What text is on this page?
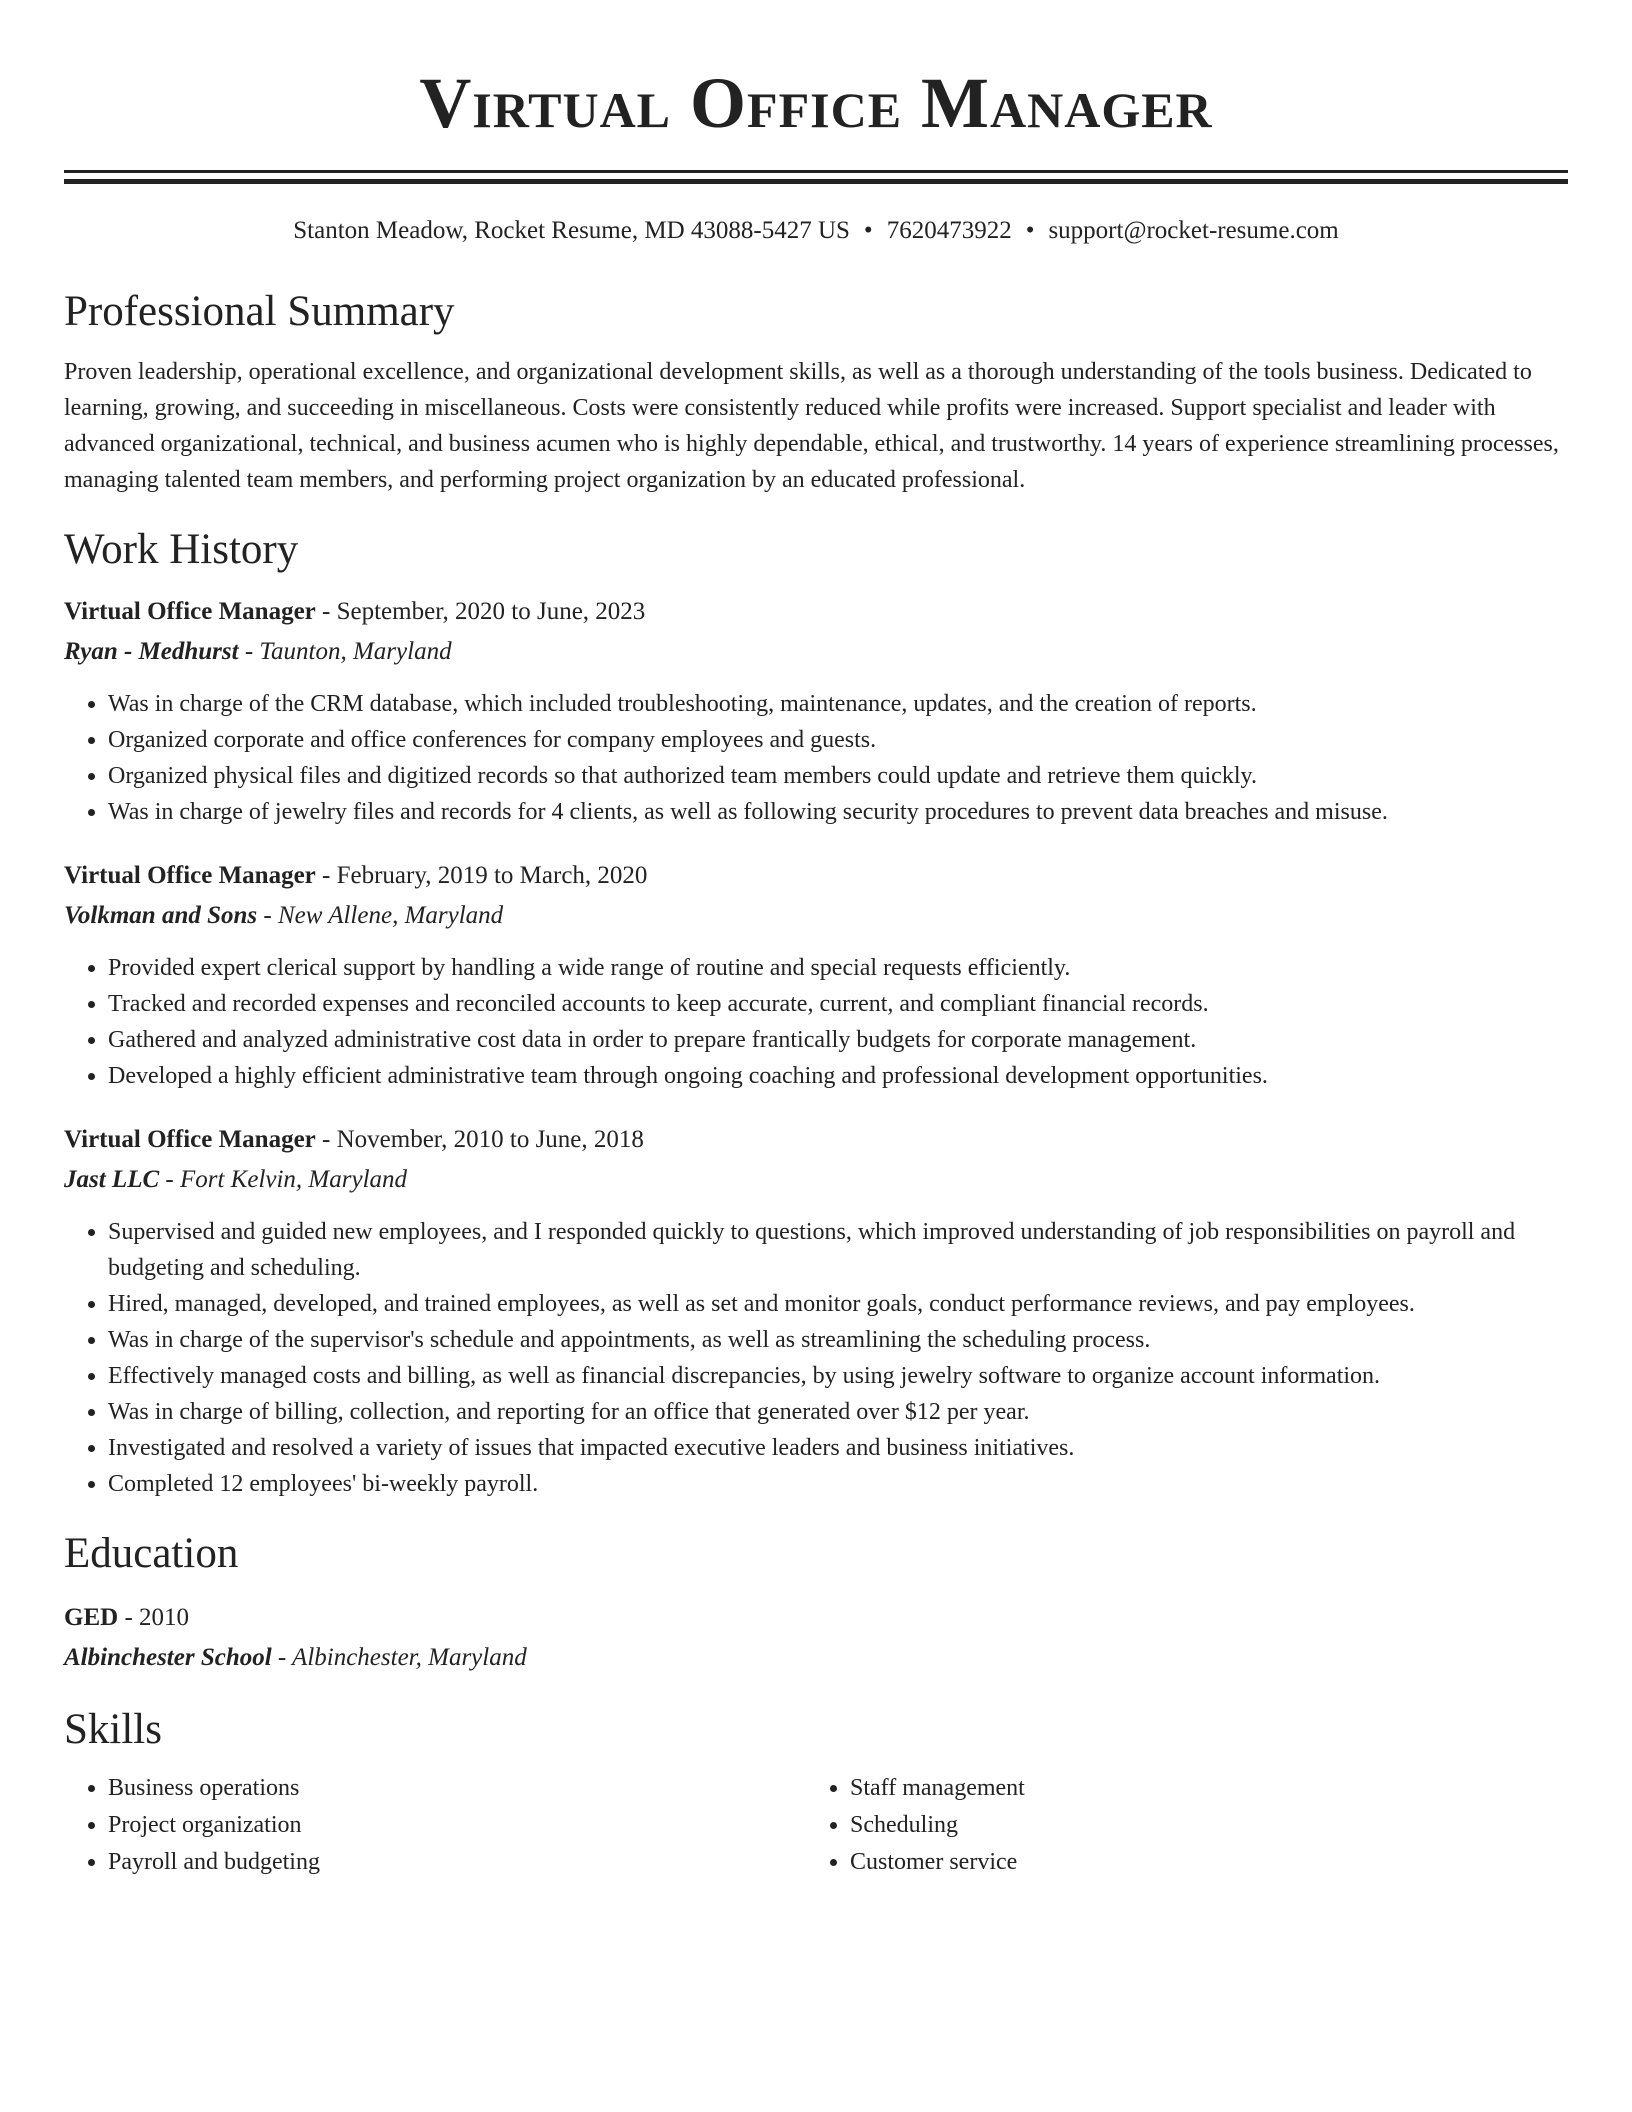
Virtual Office Manager
Stanton Meadow, Rocket Resume, MD 43088-5427 US • 7620473922 • support@rocket-resume.com
Professional Summary

Proven leadership, operational excellence, and organizational development skills, as well as a thorough understanding of the tools business. Dedicated to learning, growing, and succeeding in miscellaneous. Costs were consistently reduced while profits were increased. Support specialist and leader with advanced organizational, technical, and business acumen who is highly dependable, ethical, and trustworthy. 14 years of experience streamlining processes, managing talented team members, and performing project organization by an educated professional.

Work History
Virtual Office Manager - September, 2020 to June, 2023
Ryan - Medhurst - Taunton, Maryland
• Was in charge of the CRM database, which included troubleshooting, maintenance, updates, and the creation of reports.
• Organized corporate and office conferences for company employees and guests.
• Organized physical files and digitized records so that authorized team members could update and retrieve them quickly.
• Was in charge of jewelry files and records for 4 clients, as well as following security procedures to prevent data breaches and misuse.
Virtual Office Manager - February, 2019 to March, 2020
Volkman and Sons - New Allene, Maryland
• Provided expert clerical support by handling a wide range of routine and special requests efficiently.
• Tracked and recorded expenses and reconciled accounts to keep accurate, current, and compliant financial records.
• Gathered and analyzed administrative cost data in order to prepare frantically budgets for corporate management.
• Developed a highly efficient administrative team through ongoing coaching and professional development opportunities.
Virtual Office Manager - November, 2010 to June, 2018
Jast LLC - Fort Kelvin, Maryland
• Supervised and guided new employees, and I responded quickly to questions, which improved understanding of job responsibilities on payroll and budgeting and scheduling.
• Hired, managed, developed, and trained employees, as well as set and monitor goals, conduct performance reviews, and pay employees.
• Was in charge of the supervisor's schedule and appointments, as well as streamlining the scheduling process.
• Effectively managed costs and billing, as well as financial discrepancies, by using jewelry software to organize account information.
• Was in charge of billing, collection, and reporting for an office that generated over $12 per year.
• Investigated and resolved a variety of issues that impacted executive leaders and business initiatives.
• Completed 12 employees' bi-weekly payroll.
Education
GED - 2010
Albinchester School - Albinchester, Maryland
Skills
• Business operations
• Project organization
• Payroll and budgeting
• Staff management
• Scheduling
• Customer service
